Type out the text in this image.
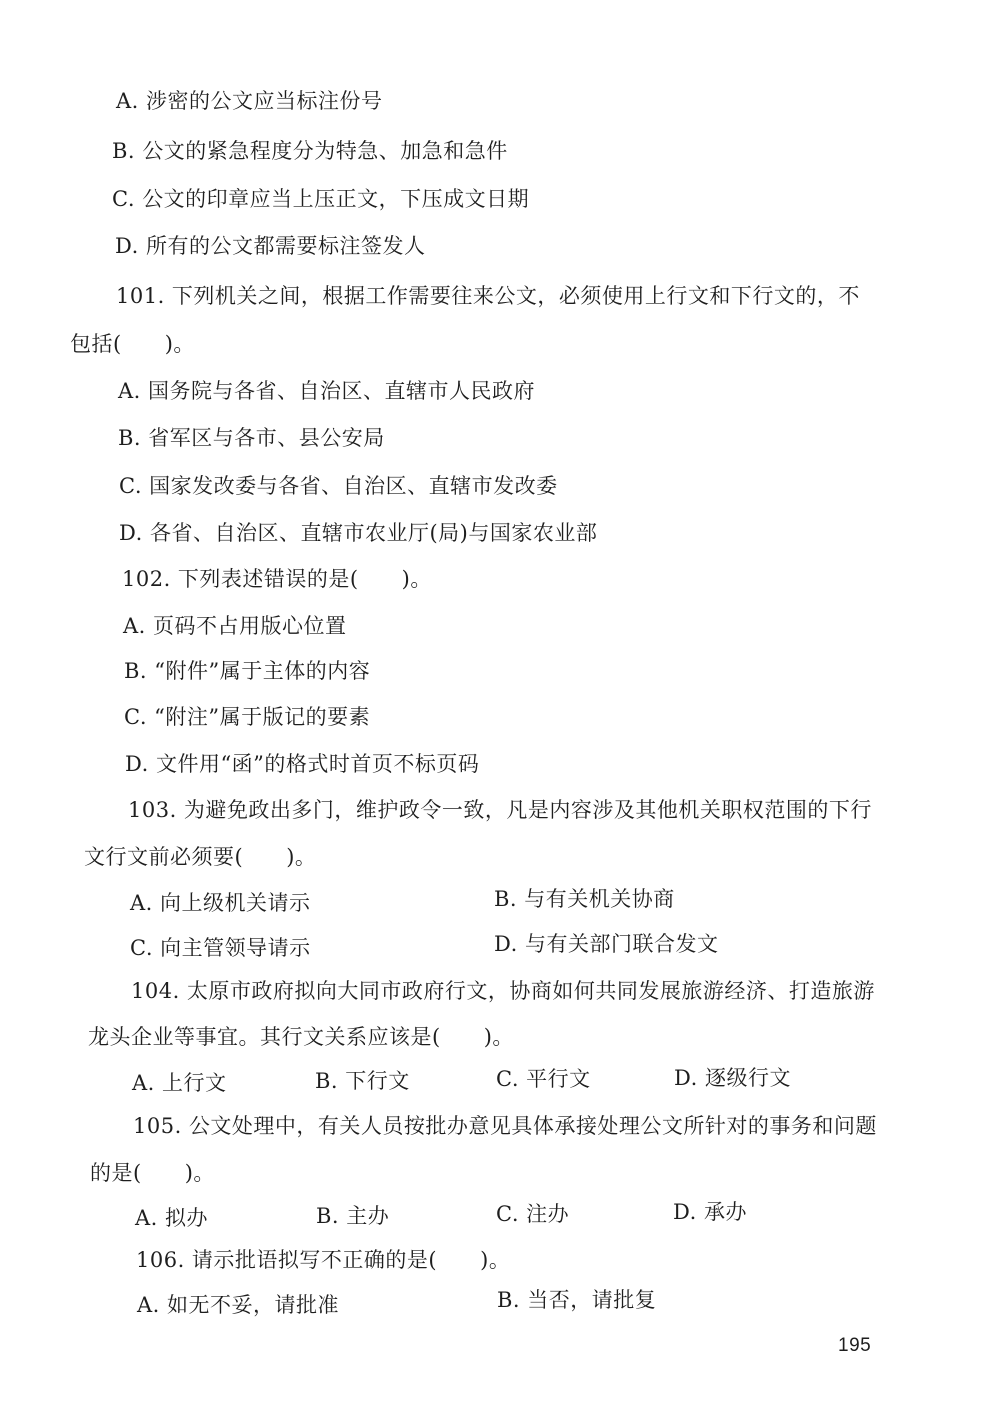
A. 涉密的公文应当标注份号
B. 公文的紧急程度分为特急、加急和急件
C. 公文的印章应当上压正文，下压成文日期
D. 所有的公文都需要标注签发人
101. 下列机关之间，根据工作需要往来公文，必须使用上行文和下行文的，不
包括(　　)。
A. 国务院与各省、自治区、直辖市人民政府
B. 省军区与各市、县公安局
C. 国家发改委与各省、自治区、直辖市发改委
D. 各省、自治区、直辖市农业厅(局)与国家农业部
102. 下列表述错误的是(　　)。
A. 页码不占用版心位置
B. “附件”属于主体的内容
C. “附注”属于版记的要素
D. 文件用“函”的格式时首页不标页码
103. 为避免政出多门，维护政令一致，凡是内容涉及其他机关职权范围的下行
文行文前必须要(　　)。
A. 向上级机关请示	B. 与有关机关协商
C. 向主管领导请示	D. 与有关部门联合发文
104. 太原市政府拟向大同市政府行文，协商如何共同发展旅游经济、打造旅游
龙头企业等事宜。其行文关系应该是(　　)。
A. 上行文	B. 下行文	C. 平行文	D. 逐级行文
105. 公文处理中，有关人员按批办意见具体承接处理公文所针对的事务和问题
的是(　　)。
A. 拟办	B. 主办	C. 注办	D. 承办
106. 请示批语拟写不正确的是(　　)。
A. 如无不妥，请批准	B. 当否，请批复
195
